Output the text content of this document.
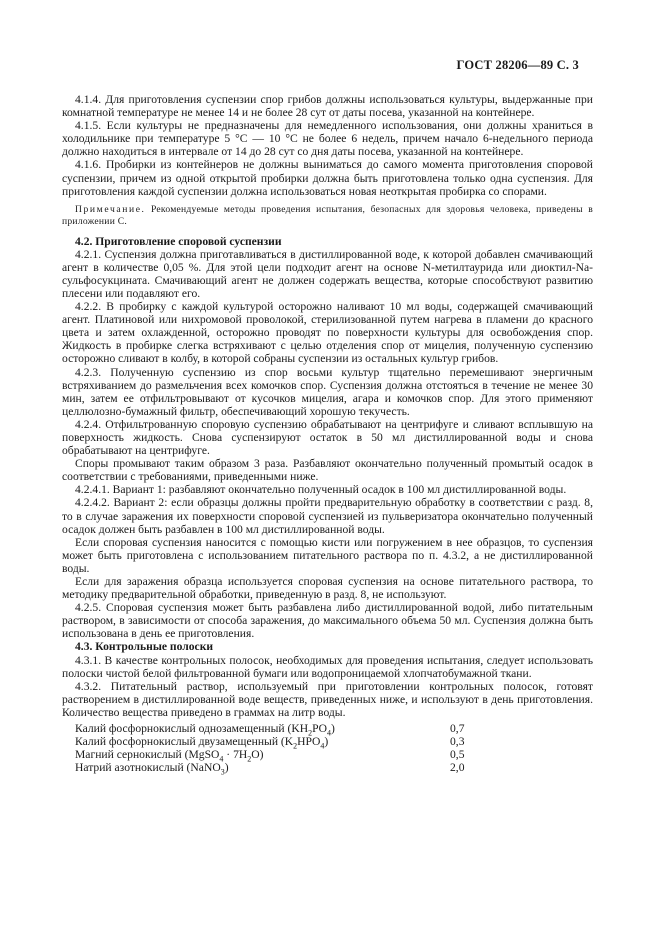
ГОСТ 28206—89 С. 3

4.1.4. Для приготовления суспензии спор грибов должны использоваться культуры, выдержанные при комнатной температуре не менее 14 и не более 28 сут от даты посева, указанной на контейнере.

4.1.5. Если культуры не предназначены для немедленного использования, они должны храниться в холодильнике при температуре 5 °С — 10 °С не более 6 недель, причем начало 6-недельного периода должно находиться в интервале от 14 до 28 сут со дня даты посева, указанной на контейнере.

4.1.6. Пробирки из контейнеров не должны выниматься до самого момента приготовления споровой суспензии, причем из одной открытой пробирки должна быть приготовлена только одна суспензия. Для приготовления каждой суспензии должна использоваться новая неоткрытая пробирка со спорами.

Примечание. Рекомендуемые методы проведения испытания, безопасных для здоровья человека, приведены в приложении С.

4.2. Приготовление споровой суспензии

4.2.1. Суспензия должна приготавливаться в дистиллированной воде, к которой добавлен смачивающий агент в количестве 0,05 %. Для этой цели подходит агент на основе N-метилтаурида или диоктил-Nа-сульфосукцината. Смачивающий агент не должен содержать вещества, которые способствуют развитию плесени или подавляют его.

4.2.2. В пробирку с каждой культурой осторожно наливают 10 мл воды, содержащей смачивающий агент. Платиновой или нихромовой проволокой, стерилизованной путем нагрева в пламени до красного цвета и затем охлажденной, осторожно проводят по поверхности культуры для освобождения спор. Жидкость в пробирке слегка встряхивают с целью отделения спор от мицелия, полученную суспензию осторожно сливают в колбу, в которой собраны суспензии из остальных культур грибов.

4.2.3. Полученную суспензию из спор восьми культур тщательно перемешивают энергичным встряхиванием до размельчения всех комочков спор. Суспензия должна отстояться в течение не менее 30 мин, затем ее отфильтровывают от кусочков мицелия, агара и комочков спор. Для этого применяют целлюлозно-бумажный фильтр, обеспечивающий хорошую текучесть.

4.2.4. Отфильтрованную споровую суспензию обрабатывают на центрифуге и сливают всплывшую на поверхность жидкость. Снова суспензируют остаток в 50 мл дистиллированной воды и снова обрабатывают на центрифуге.

Споры промывают таким образом 3 раза. Разбавляют окончательно полученный промытый осадок в соответствии с требованиями, приведенными ниже.

4.2.4.1. Вариант 1: разбавляют окончательно полученный осадок в 100 мл дистиллированной воды.

4.2.4.2. Вариант 2: если образцы должны пройти предварительную обработку в соответствии с разд. 8, то в случае заражения их поверхности споровой суспензией из пульверизатора окончательно полученный осадок должен быть разбавлен в 100 мл дистиллированной воды.

Если споровая суспензия наносится с помощью кисти или погружением в нее образцов, то суспензия может быть приготовлена с использованием питательного раствора по п. 4.3.2, а не дистиллированной воды.

Если для заражения образца используется споровая суспензия на основе питательного раствора, то методику предварительной обработки, приведенную в разд. 8, не используют.

4.2.5. Споровая суспензия может быть разбавлена либо дистиллированной водой, либо питательным раствором, в зависимости от способа заражения, до максимального объема 50 мл. Суспензия должна быть использована в день ее приготовления.

4.3. Контрольные полоски

4.3.1. В качестве контрольных полосок, необходимых для проведения испытания, следует использовать полоски чистой белой фильтрованной бумаги или водопроницаемой хлопчатобумажной ткани.

4.3.2. Питательный раствор, используемый при приготовлении контрольных полосок, готовят растворением в дистиллированной воде веществ, приведенных ниже, и используют в день приготовления. Количество вещества приведено в граммах на литр воды.

Калий фосфорнокислый однозамещенный $(KH_2PO_4)$	0,7
Калий фосфорнокислый двузамещенный $(K_2HPO_4)$	0,3
Магний сернокислый (MgSO$_4$ · $7H_2O$)	0,5
Натрий азотнокислый (NaNO$_3$)	2,0
